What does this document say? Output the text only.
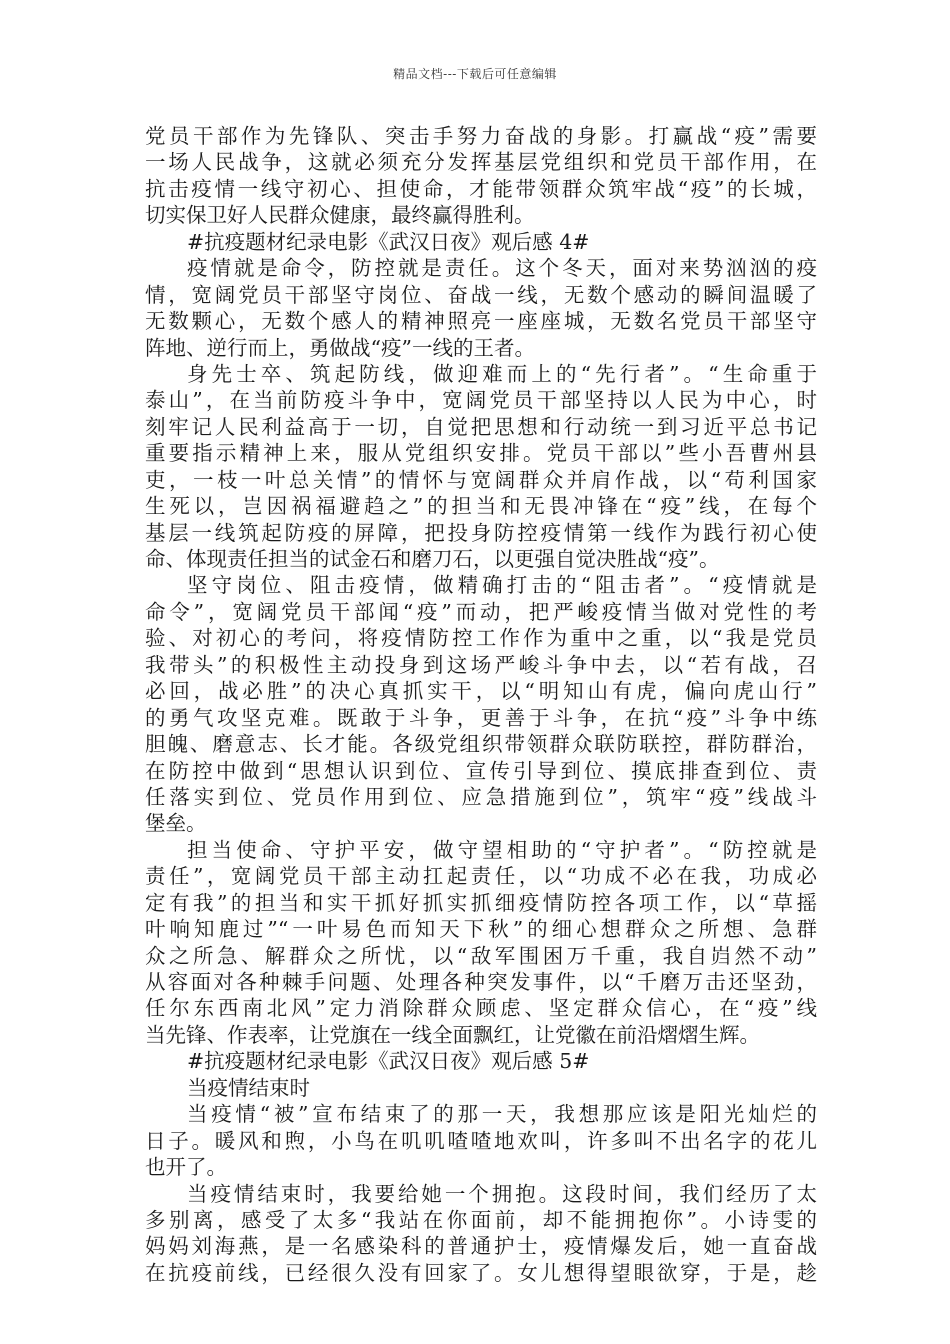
精品文档---下载后可任意编辑
党员干部作为先锋队、突击手努力奋战的身影。打赢战“疫”需要
一场人民战争，这就必须充分发挥基层党组织和党员干部作用，在
抗击疫情一线守初心、担使命，才能带领群众筑牢战“疫”的长城，
切实保卫好人民群众健康，最终赢得胜利。
#抗疫题材纪录电影《武汉日夜》观后感 4#
疫情就是命令，防控就是责任。这个冬天，面对来势汹汹的疫
情，宽阔党员干部坚守岗位、奋战一线，无数个感动的瞬间温暖了
无数颗心，无数个感人的精神照亮一座座城，无数名党员干部坚守
阵地、逆行而上，勇做战“疫”一线的王者。
身先士卒、筑起防线，做迎难而上的“先行者”。“生命重于
泰山”，在当前防疫斗争中，宽阔党员干部坚持以人民为中心，时
刻牢记人民利益高于一切，自觉把思想和行动统一到习近平总书记
重要指示精神上来，服从党组织安排。党员干部以”些小吾曹州县
吏，一枝一叶总关情”的情怀与宽阔群众并肩作战，以“苟利国家
生死以，岂因祸福避趋之”的担当和无畏冲锋在“疫”线，在每个
基层一线筑起防疫的屏障，把投身防控疫情第一线作为践行初心使
命、体现责任担当的试金石和磨刀石，以更强自觉决胜战“疫”。
坚守岗位、阻击疫情，做精确打击的“阻击者”。“疫情就是
命令”，宽阔党员干部闻“疫”而动，把严峻疫情当做对党性的考
验、对初心的考问，将疫情防控工作作为重中之重，以“我是党员
我带头”的积极性主动投身到这场严峻斗争中去，以“若有战，召
必回，战必胜”的决心真抓实干，以“明知山有虎，偏向虎山行”
的勇气攻坚克难。既敢于斗争，更善于斗争，在抗“疫”斗争中练
胆魄、磨意志、长才能。各级党组织带领群众联防联控，群防群治，
在防控中做到“思想认识到位、宣传引导到位、摸底排查到位、责
任落实到位、党员作用到位、应急措施到位”，筑牢“疫”线战斗
堡垒。
担当使命、守护平安，做守望相助的“守护者”。“防控就是
责任”，宽阔党员干部主动扛起责任，以“功成不必在我，功成必
定有我”的担当和实干抓好抓实抓细疫情防控各项工作，以“草摇
叶响知鹿过”“一叶易色而知天下秋”的细心想群众之所想、急群
众之所急、解群众之所忧，以“敌军围困万千重，我自岿然不动”
从容面对各种棘手问题、处理各种突发事件，以“千磨万击还坚劲，
任尔东西南北风”定力消除群众顾虑、坚定群众信心，在“疫”线
当先锋、作表率，让党旗在一线全面飘红，让党徽在前沿熠熠生辉。
#抗疫题材纪录电影《武汉日夜》观后感 5#
当疫情结束时
当疫情“被”宣布结束了的那一天，我想那应该是阳光灿烂的
日子。暖风和煦，小鸟在叽叽喳喳地欢叫，许多叫不出名字的花儿
也开了。
当疫情结束时，我要给她一个拥抱。这段时间，我们经历了太
多别离，感受了太多“我站在你面前，却不能拥抱你”。小诗雯的
妈妈刘海燕，是一名感染科的普通护士，疫情爆发后，她一直奋战
在抗疫前线，已经很久没有回家了。女儿想得望眼欲穿，于是，趁
